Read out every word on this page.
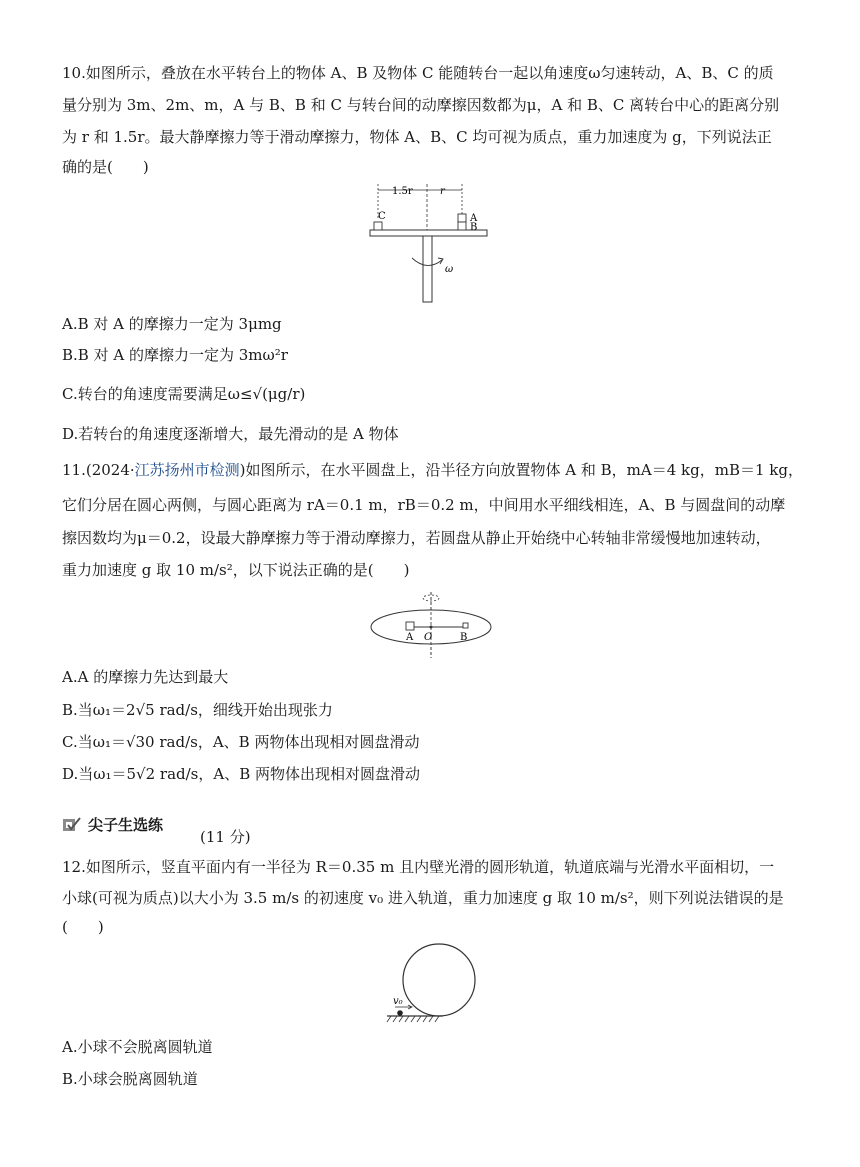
10.如图所示，叠放在水平转台上的物体 A、B 及物体 C 能随转台一起以角速度ω匀速转动，A、B、C 的质
量分别为 3m、2m、m，A 与 B、B 和 C 与转台间的动摩擦因数都为μ，A 和 B、C 离转台中心的距离分别
为 r 和 1.5r。最大静摩擦力等于滑动摩擦力，物体 A、B、C 均可视为质点，重力加速度为 g，下列说法正
确的是(　　)
1.5r	r
C	A
B
ω
A.B 对 A 的摩擦力一定为 3μmg
B.B 对 A 的摩擦力一定为 3mω²r
C.转台的角速度需要满足ω≤√(μg/r)
D.若转台的角速度逐渐增大，最先滑动的是 A 物体
11.(2024·江苏扬州市检测)如图所示，在水平圆盘上，沿半径方向放置物体 A 和 B，mA＝4 kg，mB＝1 kg，
它们分居在圆心两侧，与圆心距离为 rA＝0.1 m，rB＝0.2 m，中间用水平细线相连，A、B 与圆盘间的动摩
擦因数均为μ＝0.2，设最大静摩擦力等于滑动摩擦力，若圆盘从静止开始绕中心转轴非常缓慢地加速转动，
重力加速度 g 取 10 m/s²，以下说法正确的是(　　)
A O	B
A.A 的摩擦力先达到最大
B.当ω₁＝2√5 rad/s，细线开始出现张力
C.当ω₁＝√30 rad/s，A、B 两物体出现相对圆盘滑动
D.当ω₁＝5√2 rad/s，A、B 两物体出现相对圆盘滑动
尖子生选练
(11 分)
12.如图所示，竖直平面内有一半径为 R＝0.35 m 且内壁光滑的圆形轨道，轨道底端与光滑水平面相切，一
小球(可视为质点)以大小为 3.5 m/s 的初速度 v₀ 进入轨道，重力加速度 g 取 10 m/s²，则下列说法错误的是
(　　)
v₀
A.小球不会脱离圆轨道
B.小球会脱离圆轨道
